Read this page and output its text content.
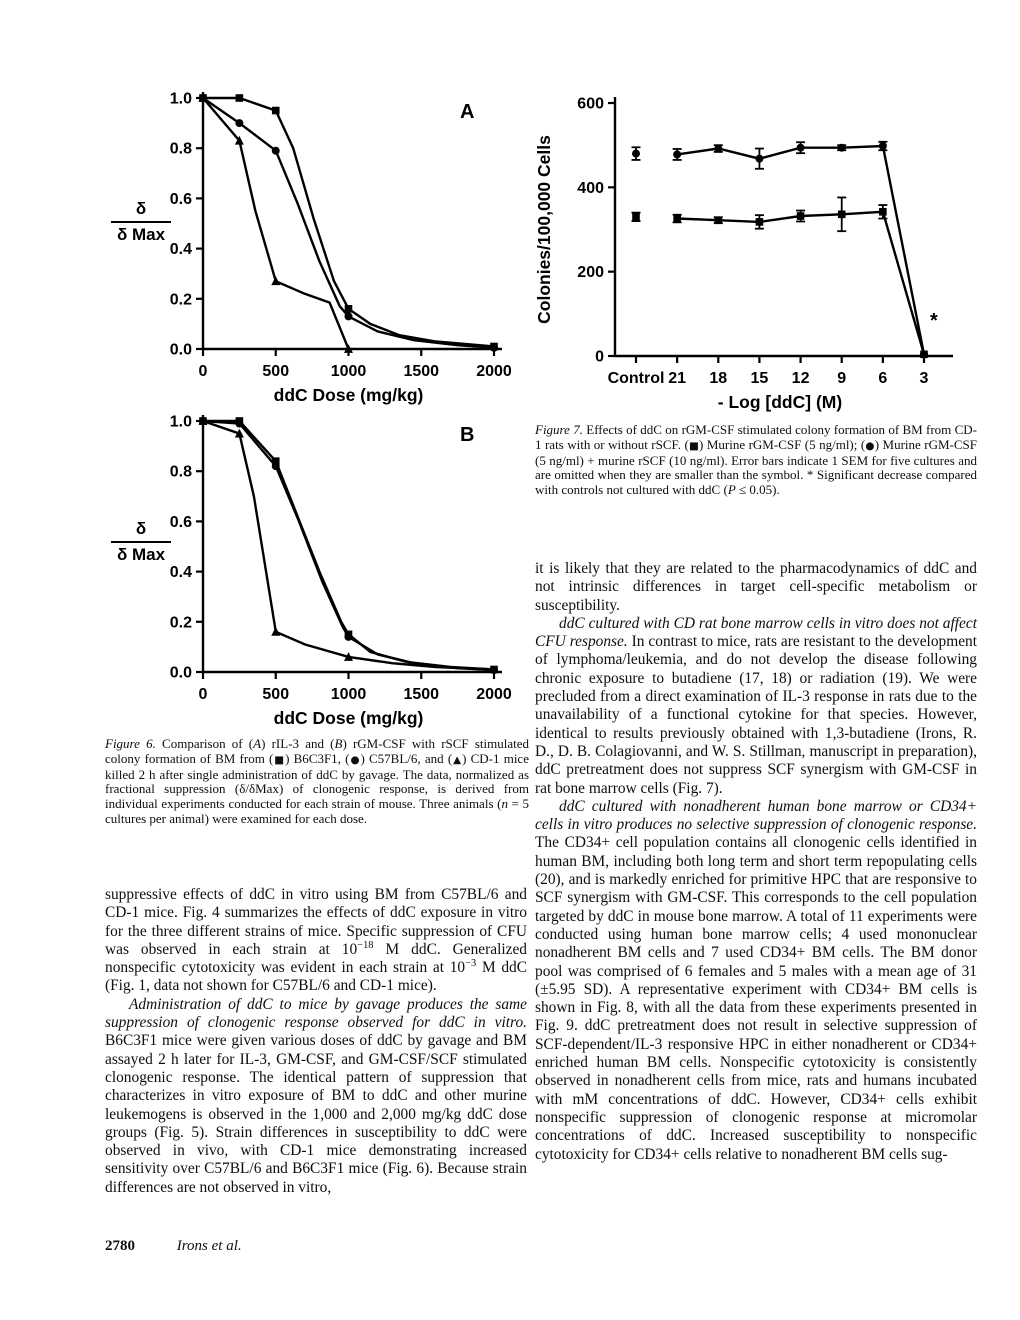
0.0
0.2
0.4
0.6
0.8
1.0
0	500	1000 1500 2000
ddC Dose (mg/kg)
A
δ
δ Max
0.0
0.2
0.4
0.6
0.8
1.0
0	500	1000 1500 2000
ddC Dose (mg/kg)
B
δ
δ Max
0
200
400
600
Control 21 18 15 12 9 6 3
- Log [ddC] (M)
Colonies/100,000 Cells	*
Figure 7. Effects of ddC on rGM-CSF stimulated colony formation of BM from CD-1 rats with or without rSCF. (■) Murine rGM-CSF (5 ng/ml); (●) Murine rGM-CSF (5 ng/ml) + murine rSCF (10 ng/ml). Error bars indicate 1 SEM for five cultures and are omitted when they are smaller than the symbol. * Significant decrease compared with controls not cultured with ddC (P ≤ 0.05).
Figure 6. Comparison of (A) rIL-3 and (B) rGM-CSF with rSCF stimulated colony formation of BM from (■) B6C3F1, (●) C57BL/6, and (▲) CD-1 mice killed 2 h after single administration of ddC by gavage. The data, normalized as fractional suppression (δ/δMax) of clonogenic response, is derived from individual experiments conducted for each strain of mouse. Three animals (n = 5 cultures per animal) were examined for each dose.

suppressive effects of ddC in vitro using BM from C57BL/6 and CD-1 mice. Fig. 4 summarizes the effects of ddC exposure in vitro for the three different strains of mice. Specific suppression of CFU was observed in each strain at $10^{-18}$ M ddC. Generalized nonspecific cytotoxicity was evident in each strain at $10^{-3}$ M ddC (Fig. 1, data not shown for C57BL/6 and CD-1 mice).

Administration of ddC to mice by gavage produces the same suppression of clonogenic response observed for ddC in vitro. B6C3F1 mice were given various doses of ddC by gavage and BM assayed 2 h later for IL-3, GM-CSF, and GM-CSF/SCF stimulated clonogenic response. The identical pattern of suppression that characterizes in vitro exposure of BM to ddC and other murine leukemogens is observed in the 1,000 and 2,000 mg/kg ddC dose groups (Fig. 5). Strain differences in susceptibility to ddC were observed in vivo, with CD-1 mice demonstrating increased sensitivity over C57BL/6 and B6C3F1 mice (Fig. 6). Because strain differences are not observed in vitro,

it is likely that they are related to the pharmacodynamics of ddC and not intrinsic differences in target cell-specific metabolism or susceptibility.

ddC cultured with CD rat bone marrow cells in vitro does not affect CFU response. In contrast to mice, rats are resistant to the development of lymphoma/leukemia, and do not develop the disease following chronic exposure to butadiene (17, 18) or radiation (19). We were precluded from a direct examination of IL-3 response in rats due to the unavailability of a functional cytokine for that species. However, identical to results previously obtained with 1,3-butadiene (Irons, R. D., D. B. Colagiovanni, and W. S. Stillman, manuscript in preparation), ddC pretreatment does not suppress SCF synergism with GM-CSF in rat bone marrow cells (Fig. 7).

ddC cultured with nonadherent human bone marrow or CD34+ cells in vitro produces no selective suppression of clonogenic response. The CD34+ cell population contains all clonogenic cells identified in human BM, including both long term and short term repopulating cells (20), and is markedly enriched for primitive HPC that are responsive to SCF synergism with GM-CSF. This corresponds to the cell population targeted by ddC in mouse bone marrow. A total of 11 experiments were conducted using human bone marrow cells; 4 used mononuclear nonadherent BM cells and 7 used CD34+ BM cells. The BM donor pool was comprised of 6 females and 5 males with a mean age of 31 (±5.95 SD). A representative experiment with CD34+ BM cells is shown in Fig. 8, with all the data from these experiments presented in Fig. 9. ddC pretreatment does not result in selective suppression of SCF-dependent/IL-3 responsive HPC in either nonadherent or CD34+ enriched human BM cells. Nonspecific cytotoxicity is consistently observed in nonadherent cells from mice, rats and humans incubated with mM concentrations of ddC. However, CD34+ cells exhibit nonspecific suppression of clonogenic response at micromolar concentrations of ddC. Increased susceptibility to nonspecific cytotoxicity for CD34+ cells relative to nonadherent BM cells sug-

2780	Irons et al.
